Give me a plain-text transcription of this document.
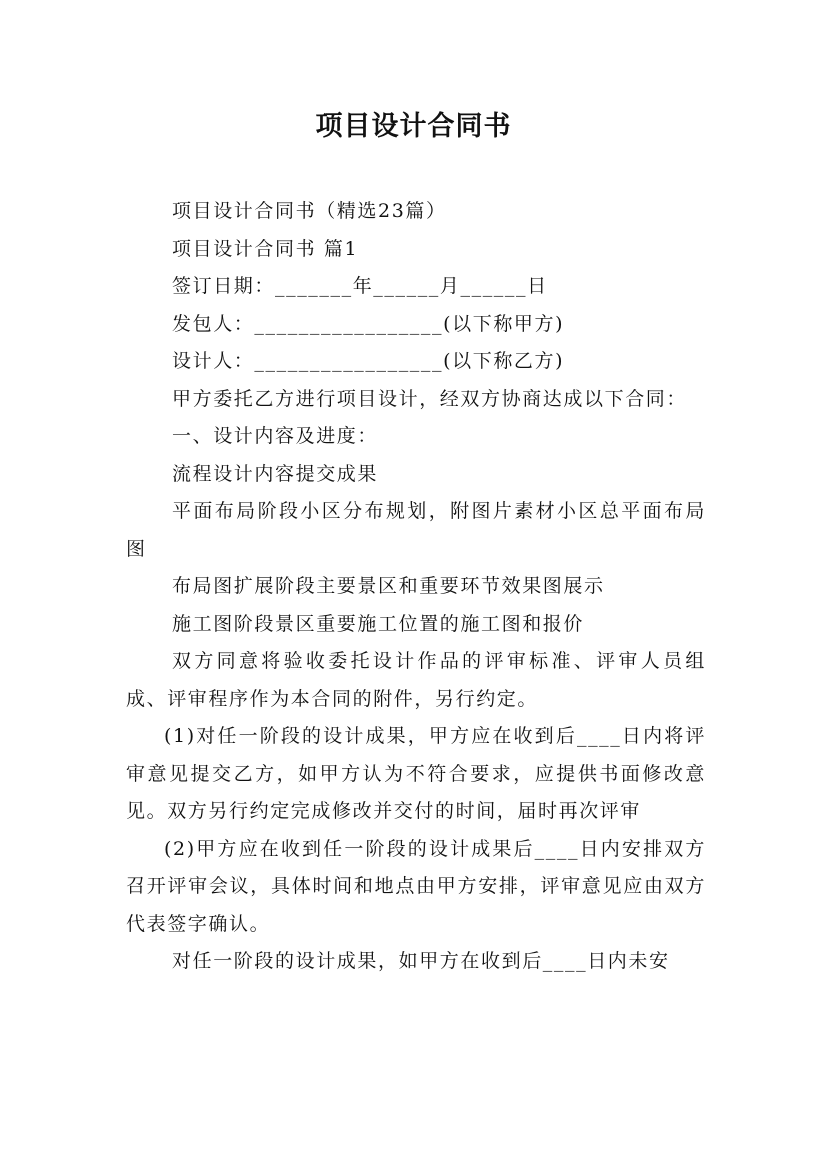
项目设计合同书

项目设计合同书（精选23篇）

项目设计合同书 篇1

签订日期：_______年______月______日

发包人：_________________(以下称甲方)

设计人：_________________(以下称乙方)

甲方委托乙方进行项目设计，经双方协商达成以下合同：

一、设计内容及进度：

流程设计内容提交成果

平面布局阶段小区分布规划，附图片素材小区总平面布局图

布局图扩展阶段主要景区和重要环节效果图展示

施工图阶段景区重要施工位置的施工图和报价

双方同意将验收委托设计作品的评审标准、评审人员组成、评审程序作为本合同的附件，另行约定。

(1)对任一阶段的设计成果，甲方应在收到后____日内将评审意见提交乙方，如甲方认为不符合要求，应提供书面修改意见。双方另行约定完成修改并交付的时间，届时再次评审

(2)甲方应在收到任一阶段的设计成果后____日内安排双方召开评审会议，具体时间和地点由甲方安排，评审意见应由双方代表签字确认。

对任一阶段的设计成果，如甲方在收到后____日内未安
